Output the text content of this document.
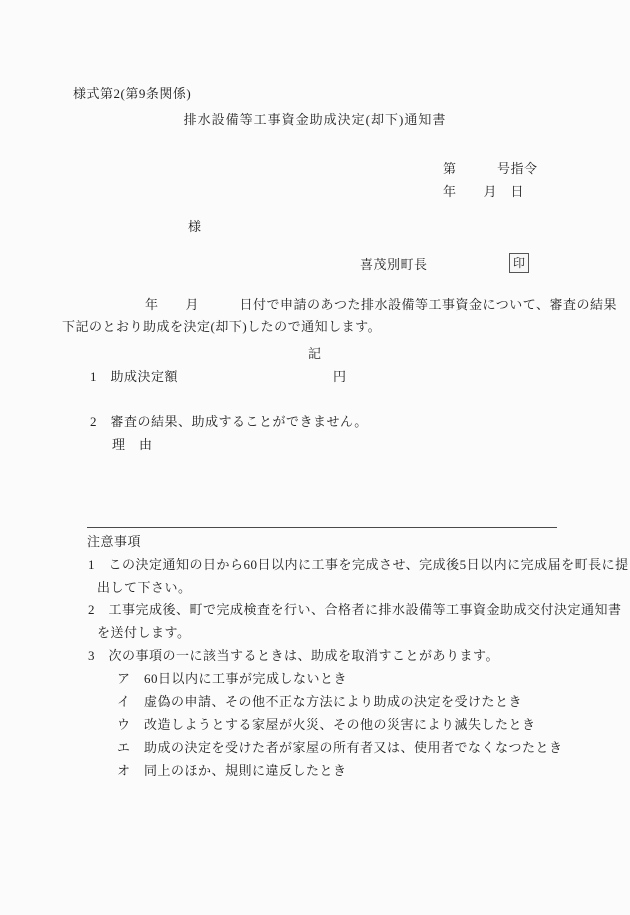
様式第2(第9条関係)
排水設備等工事資金助成決定(却下)通知書
第　　　号指令
年　　月　日
様
喜茂別町長	印
年　　月　　　日付で申請のあつた排水設備等工事資金について、審査の結果
下記のとおり助成を決定(却下)したので通知します。
記
1　助成決定額	円
2　審査の結果、助成することができません。
理　由
注意事項
1　この決定通知の日から60日以内に工事を完成させ、完成後5日以内に完成届を町長に提
出して下さい。
2　工事完成後、町で完成検査を行い、合格者に排水設備等工事資金助成交付決定通知書
を送付します。
3　次の事項の一に該当するときは、助成を取消すことがあります。
ア　60日以内に工事が完成しないとき
イ　虚偽の申請、その他不正な方法により助成の決定を受けたとき
ウ　改造しようとする家屋が火災、その他の災害により滅失したとき
エ　助成の決定を受けた者が家屋の所有者又は、使用者でなくなつたとき
オ　同上のほか、規則に違反したとき
